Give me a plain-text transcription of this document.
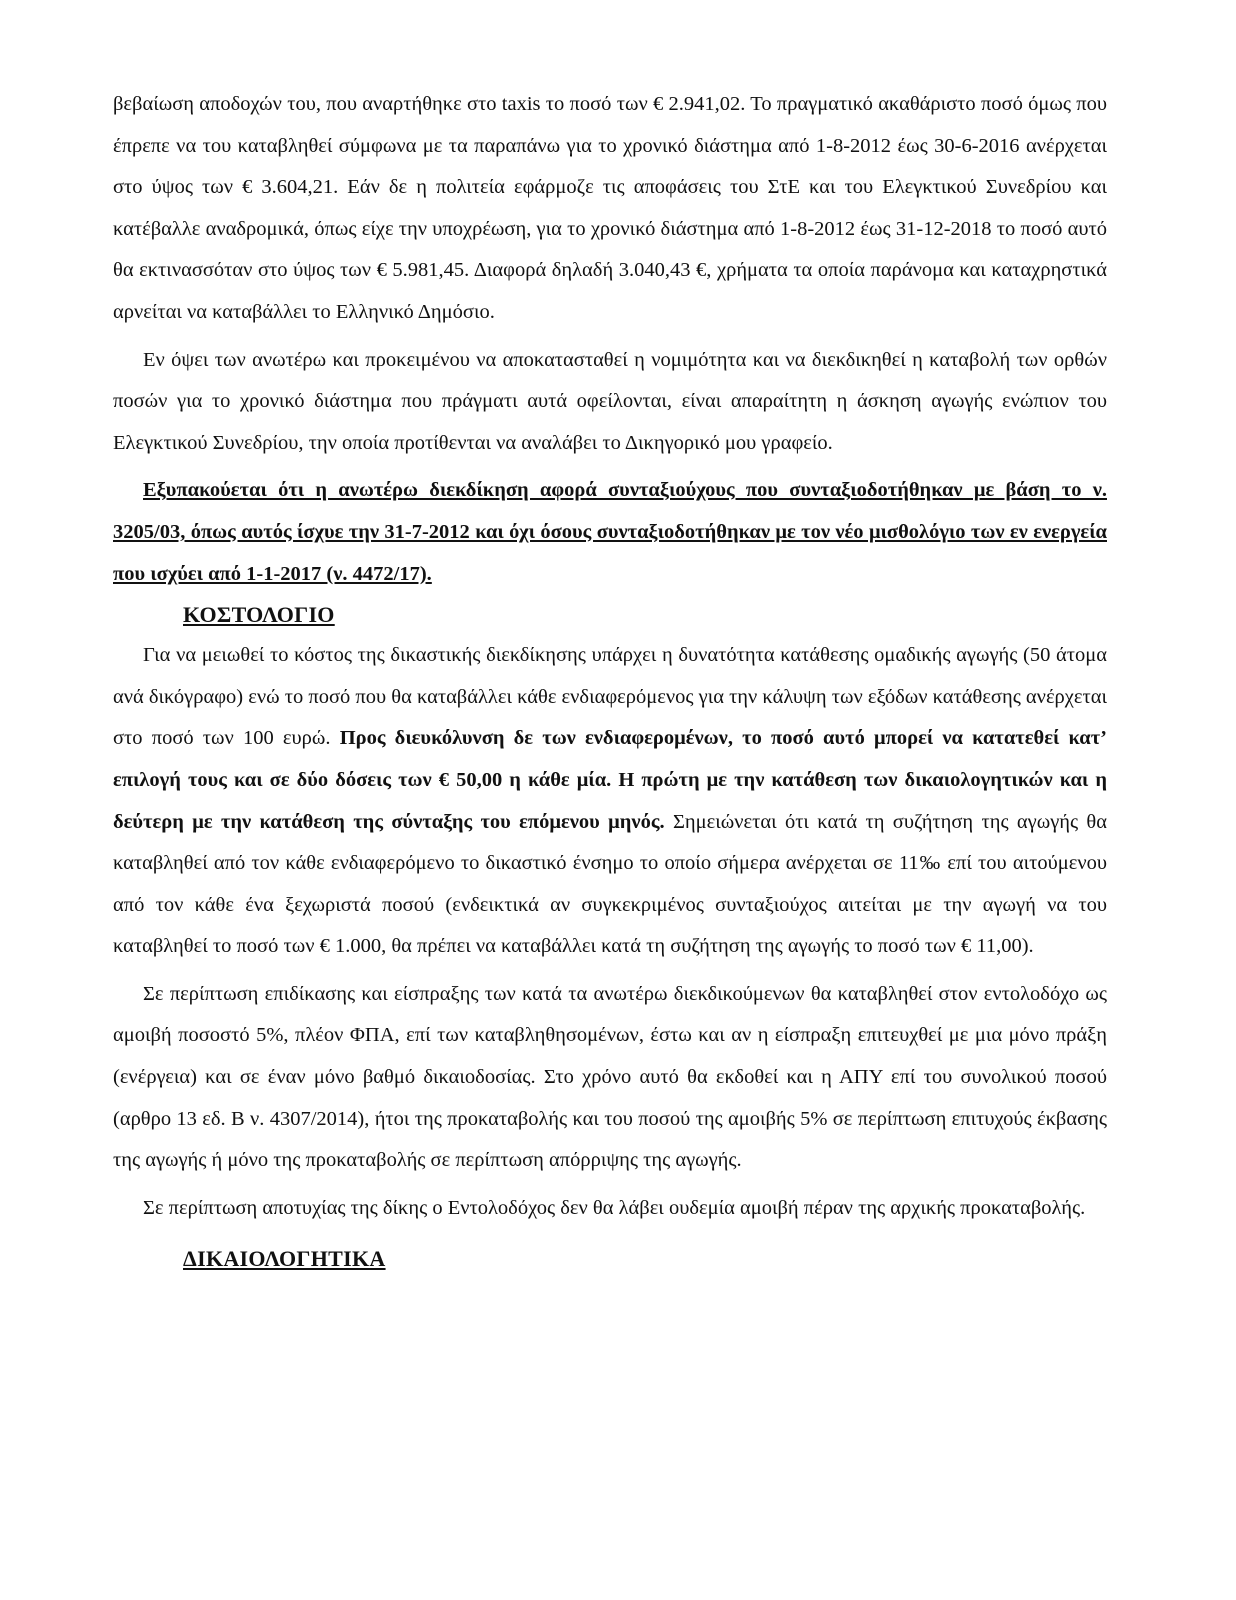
βεβαίωση αποδοχών του, που αναρτήθηκε στο taxis το ποσό των € 2.941,02. Το πραγματικό ακαθάριστο ποσό όμως που έπρεπε να του καταβληθεί σύμφωνα με τα παραπάνω για το χρονικό διάστημα από 1-8-2012 έως 30-6-2016 ανέρχεται στο ύψος των € 3.604,21. Εάν δε η πολιτεία εφάρμοζε τις αποφάσεις του ΣτΕ και του Ελεγκτικού Συνεδρίου και κατέβαλλε αναδρομικά, όπως είχε την υποχρέωση, για το χρονικό διάστημα από 1-8-2012 έως 31-12-2018 το ποσό αυτό θα εκτινασσόταν στο ύψος των € 5.981,45. Διαφορά δηλαδή 3.040,43 €, χρήματα τα οποία παράνομα και καταχρηστικά αρνείται να καταβάλλει το Ελληνικό Δημόσιο.

Εν όψει των ανωτέρω και προκειμένου να αποκατασταθεί η νομιμότητα και να διεκδικηθεί η καταβολή των ορθών ποσών για το χρονικό διάστημα που πράγματι αυτά οφείλονται, είναι απαραίτητη η άσκηση αγωγής ενώπιον του Ελεγκτικού Συνεδρίου, την οποία προτίθενται να αναλάβει το Δικηγορικό μου γραφείο.

Εξυπακούεται ότι η ανωτέρω διεκδίκηση αφορά συνταξιούχους που συνταξιοδοτήθηκαν με βάση το ν. 3205/03, όπως αυτός ίσχυε την 31-7-2012 και όχι όσους συνταξιοδοτήθηκαν με τον νέο μισθολόγιο των εν ενεργεία που ισχύει από 1-1-2017 (ν. 4472/17).

ΚΟΣΤΟΛΟΓΙΟ

Για να μειωθεί το κόστος της δικαστικής διεκδίκησης υπάρχει η δυνατότητα κατάθεσης ομαδικής αγωγής (50 άτομα ανά δικόγραφο) ενώ το ποσό που θα καταβάλλει κάθε ενδιαφερόμενος για την κάλυψη των εξόδων κατάθεσης ανέρχεται στο ποσό των 100 ευρώ. Προς διευκόλυνση δε των ενδιαφερομένων, το ποσό αυτό μπορεί να κατατεθεί κατ’ επιλογή τους και σε δύο δόσεις των € 50,00 η κάθε μία. Η πρώτη με την κατάθεση των δικαιολογητικών και η δεύτερη με την κατάθεση της σύνταξης του επόμενου μηνός. Σημειώνεται ότι κατά τη συζήτηση της αγωγής θα καταβληθεί από τον κάθε ενδιαφερόμενο το δικαστικό ένσημο το οποίο σήμερα ανέρχεται σε 11‰ επί του αιτούμενου από τον κάθε ένα ξεχωριστά ποσού (ενδεικτικά αν συγκεκριμένος συνταξιούχος αιτείται με την αγωγή να του καταβληθεί το ποσό των € 1.000, θα πρέπει να καταβάλλει κατά τη συζήτηση της αγωγής το ποσό των € 11,00).

Σε περίπτωση επιδίκασης και είσπραξης των κατά τα ανωτέρω διεκδικούμενων θα καταβληθεί στον εντολοδόχο ως αμοιβή ποσοστό 5%, πλέον ΦΠΑ, επί των καταβληθησομένων, έστω και αν η είσπραξη επιτευχθεί με μια μόνο πράξη (ενέργεια) και σε έναν μόνο βαθμό δικαιοδοσίας. Στο χρόνο αυτό θα εκδοθεί και η ΑΠΥ επί του συνολικού ποσού (αρθρο 13 εδ. Β ν. 4307/2014), ήτοι της προκαταβολής και του ποσού της αμοιβής 5% σε περίπτωση επιτυχούς έκβασης της αγωγής ή μόνο της προκαταβολής σε περίπτωση απόρριψης της αγωγής.

Σε περίπτωση αποτυχίας της δίκης ο Εντολοδόχος δεν θα λάβει ουδεμία αμοιβή πέραν της αρχικής προκαταβολής.

ΔΙΚΑΙΟΛΟΓΗΤΙΚΑ
